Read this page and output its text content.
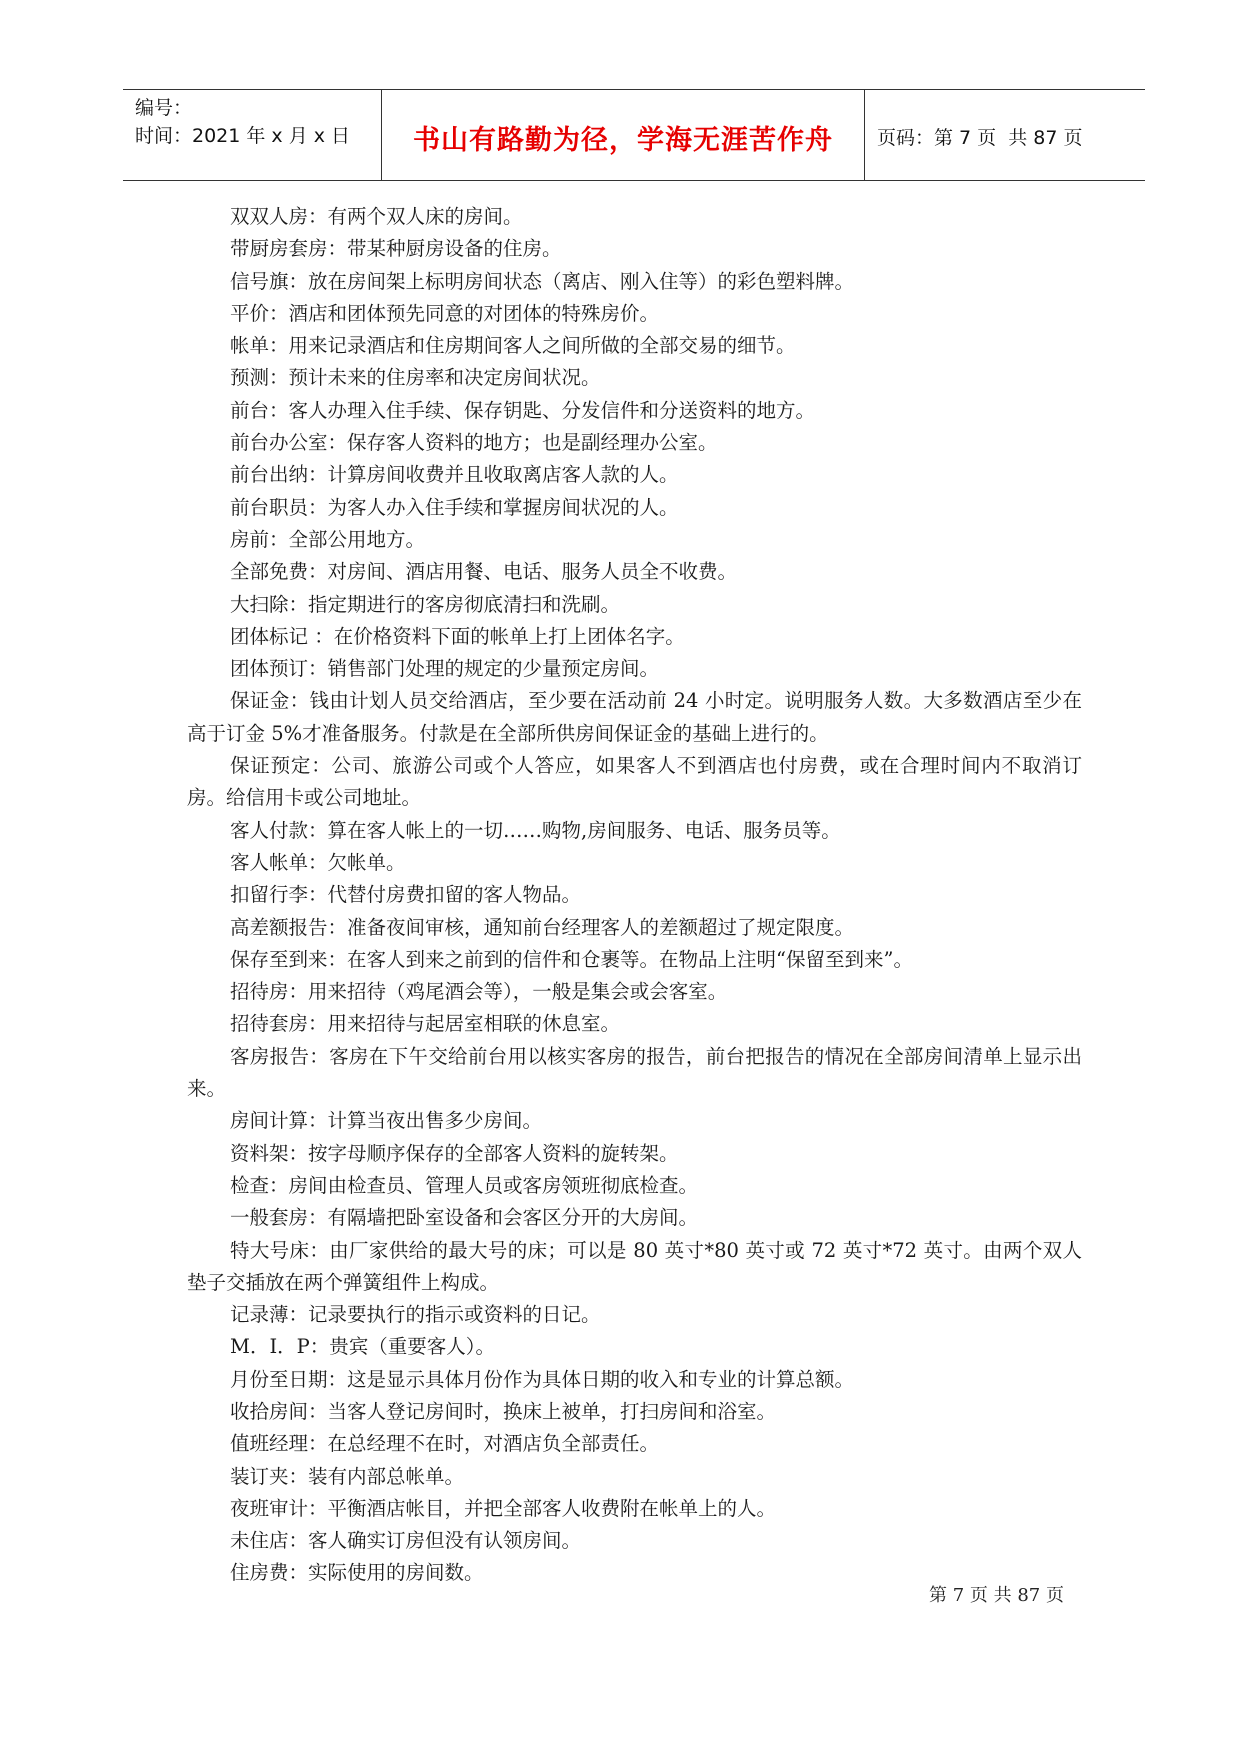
编号：
时间：2021 年 x 月 x 日	书山有路勤为径，学海无涯苦作舟	页码：第 7 页  共 87 页

双双人房：有两个双人床的房间。

带厨房套房：带某种厨房设备的住房。

信号旗：放在房间架上标明房间状态（离店、刚入住等）的彩色塑料牌。

平价：酒店和团体预先同意的对团体的特殊房价。

帐单：用来记录酒店和住房期间客人之间所做的全部交易的细节。

预测：预计未来的住房率和决定房间状况。

前台：客人办理入住手续、保存钥匙、分发信件和分送资料的地方。

前台办公室：保存客人资料的地方；也是副经理办公室。

前台出纳：计算房间收费并且收取离店客人款的人。

前台职员：为客人办入住手续和掌握房间状况的人。

房前：全部公用地方。

全部免费：对房间、酒店用餐、电话、服务人员全不收费。

大扫除：指定期进行的客房彻底清扫和洗刷。

团体标记 ：在价格资料下面的帐单上打上团体名字。

团体预订：销售部门处理的规定的少量预定房间。

保证金：钱由计划人员交给酒店，至少要在活动前 24 小时定。说明服务人数。大多数酒店至少在高于订金 5%才准备服务。付款是在全部所供房间保证金的基础上进行的。

保证预定：公司、旅游公司或个人答应，如果客人不到酒店也付房费，或在合理时间内不取消订房。给信用卡或公司地址。

客人付款：算在客人帐上的一切……购物,房间服务、电话、服务员等。

客人帐单：欠帐单。

扣留行李：代替付房费扣留的客人物品。

高差额报告：准备夜间审核，通知前台经理客人的差额超过了规定限度。

保存至到来：在客人到来之前到的信件和仓裹等。在物品上注明“保留至到来”。

招待房：用来招待（鸡尾酒会等），一般是集会或会客室。

招待套房：用来招待与起居室相联的休息室。

客房报告：客房在下午交给前台用以核实客房的报告，前台把报告的情况在全部房间清单上显示出来。

房间计算：计算当夜出售多少房间。

资料架：按字母顺序保存的全部客人资料的旋转架。

检查：房间由检查员、管理人员或客房领班彻底检查。

一般套房：有隔墙把卧室设备和会客区分开的大房间。

特大号床：由厂家供给的最大号的床；可以是 80 英寸*80 英寸或 72 英寸*72 英寸。由两个双人垫子交插放在两个弹簧组件上构成。

记录薄：记录要执行的指示或资料的日记。

M．I．P：贵宾（重要客人）。

月份至日期：这是显示具体月份作为具体日期的收入和专业的计算总额。

收拾房间：当客人登记房间时，换床上被单，打扫房间和浴室。

值班经理：在总经理不在时，对酒店负全部责任。

装订夹：装有内部总帐单。

夜班审计：平衡酒店帐目，并把全部客人收费附在帐单上的人。

未住店：客人确实订房但没有认领房间。

住房费：实际使用的房间数。

第 7 页 共 87 页
